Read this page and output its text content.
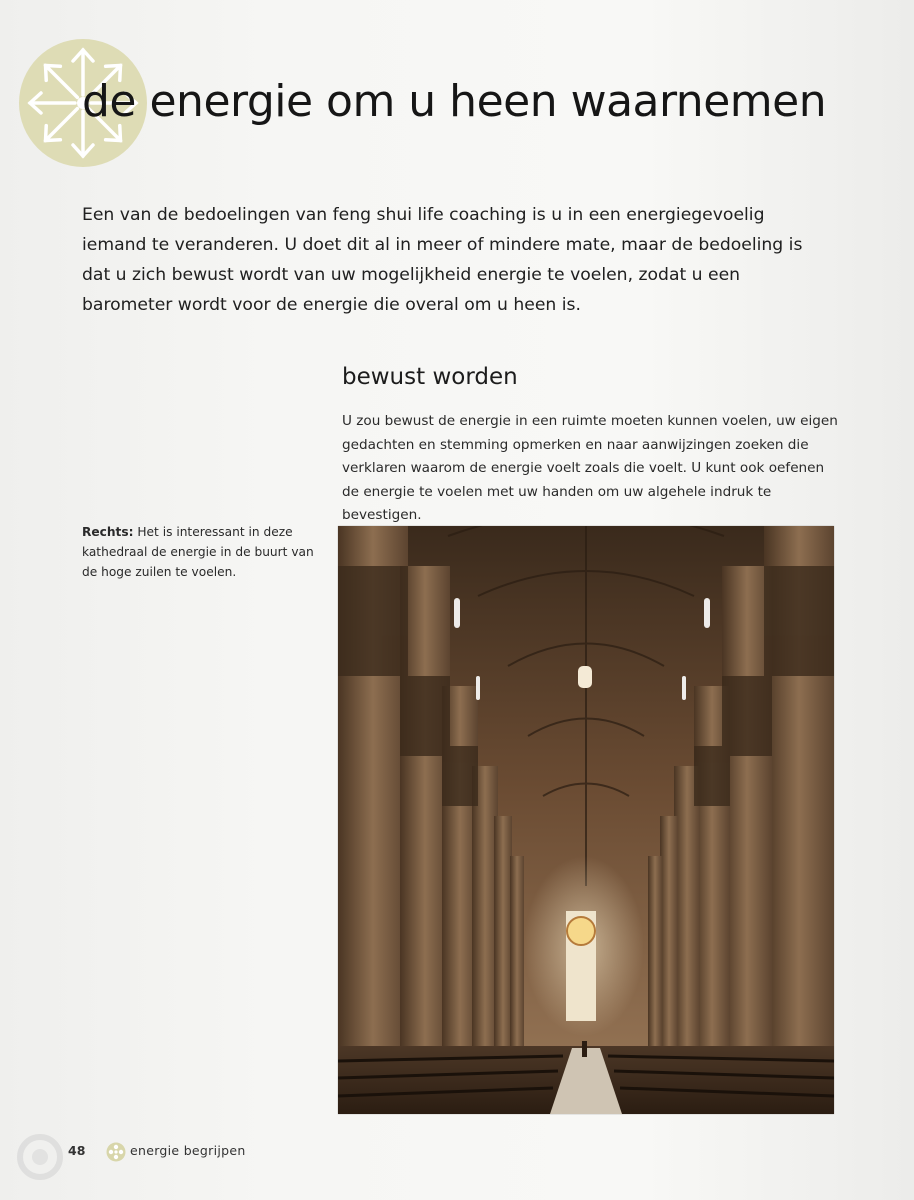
de energie om u heen waarnemen

Een van de bedoelingen van feng shui life coaching is u in een energiegevoelig iemand te veranderen. U doet dit al in meer of mindere mate, maar de bedoeling is dat u zich bewust wordt van uw mogelijkheid energie te voelen, zodat u een barometer wordt voor de energie die overal om u heen is.

bewust worden

U zou bewust de energie in een ruimte moeten kunnen voelen, uw eigen gedachten en stemming opmerken en naar aanwijzingen zoeken die verklaren waarom de energie voelt zoals die voelt. U kunt ook oefenen de energie te voelen met uw handen om uw algehele indruk te bevestigen.

Rechts: Het is interessant in deze kathedraal de energie in de buurt van de hoge zuilen te voelen.

48	energie begrijpen
